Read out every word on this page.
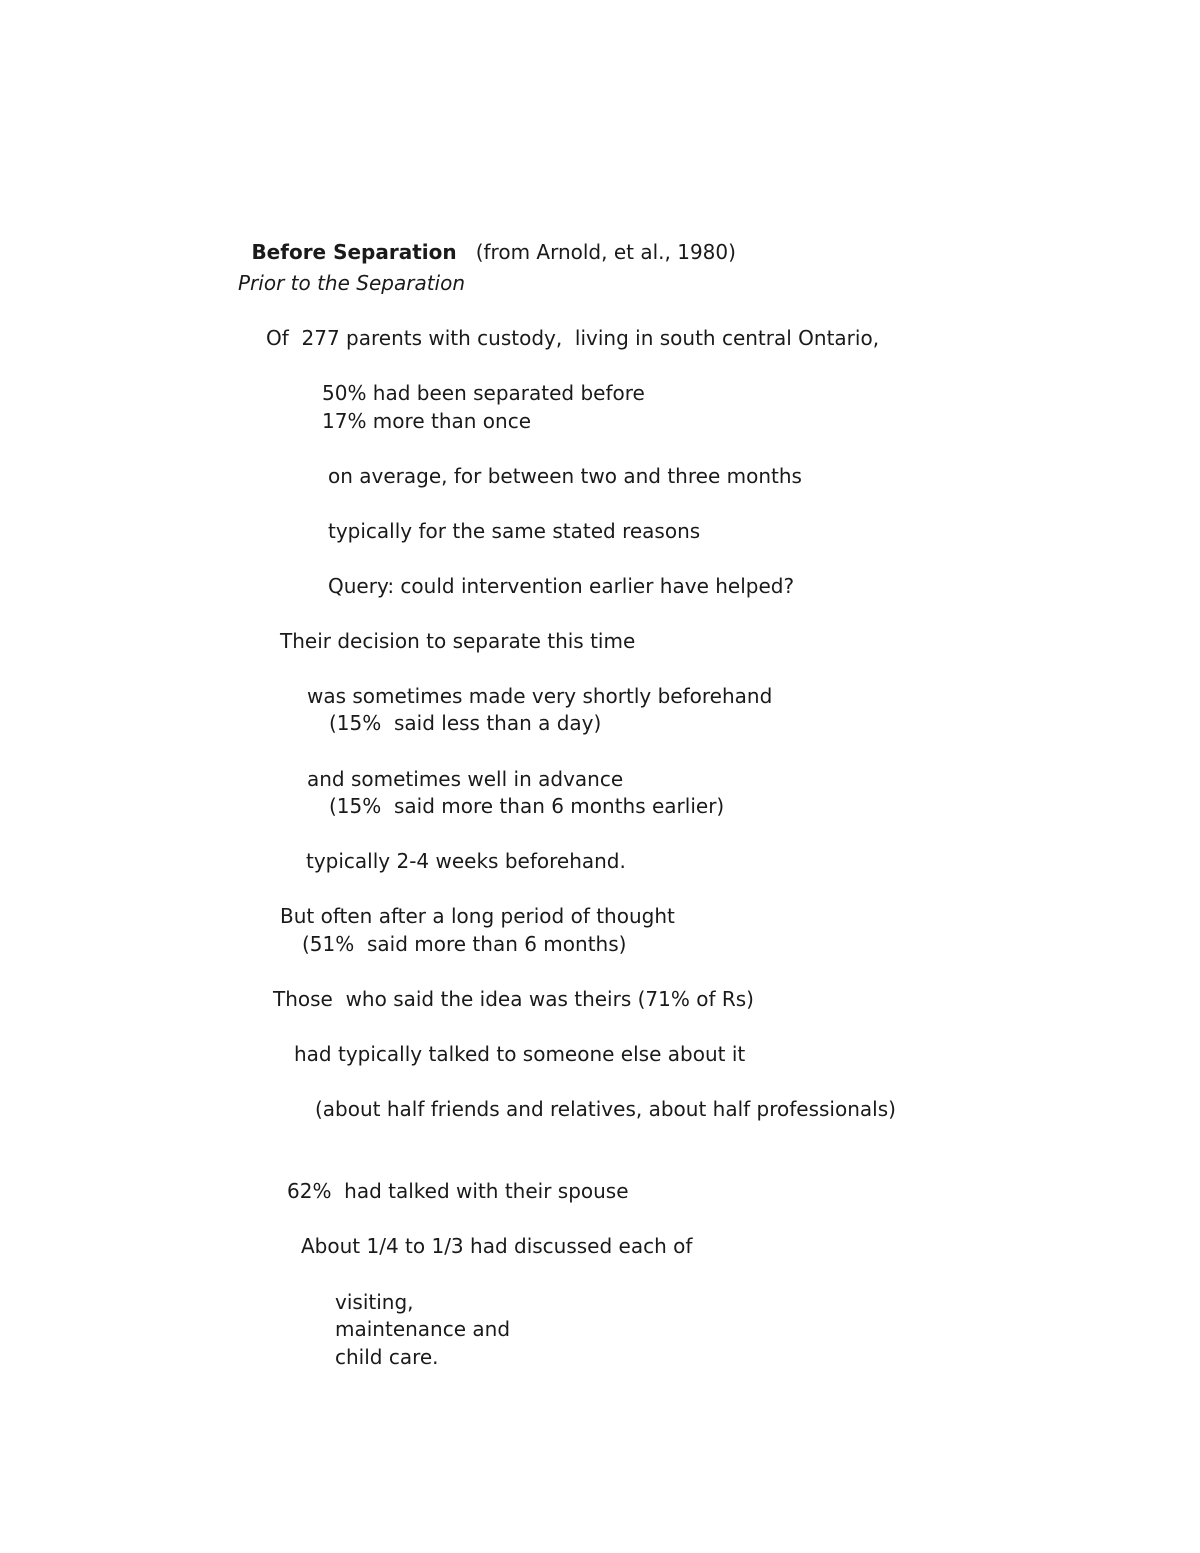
Before Separation (from Arnold, et al., 1980)

Prior to the Separation
Of  277 parents with custody,  living in south central Ontario,
50% had been separated before
17% more than once
on average, for between two and three months
typically for the same stated reasons
Query: could intervention earlier have helped?
Their decision to separate this time
was sometimes made very shortly beforehand
(15%  said less than a day)
and sometimes well in advance
(15%  said more than 6 months earlier)
typically 2-4 weeks beforehand.
But often after a long period of thought
(51%  said more than 6 months)
Those  who said the idea was theirs (71% of Rs)
had typically talked to someone else about it
(about half friends and relatives, about half professionals)
62%  had talked with their spouse
About 1/4 to 1/3 had discussed each of
visiting,
maintenance and
child care.
